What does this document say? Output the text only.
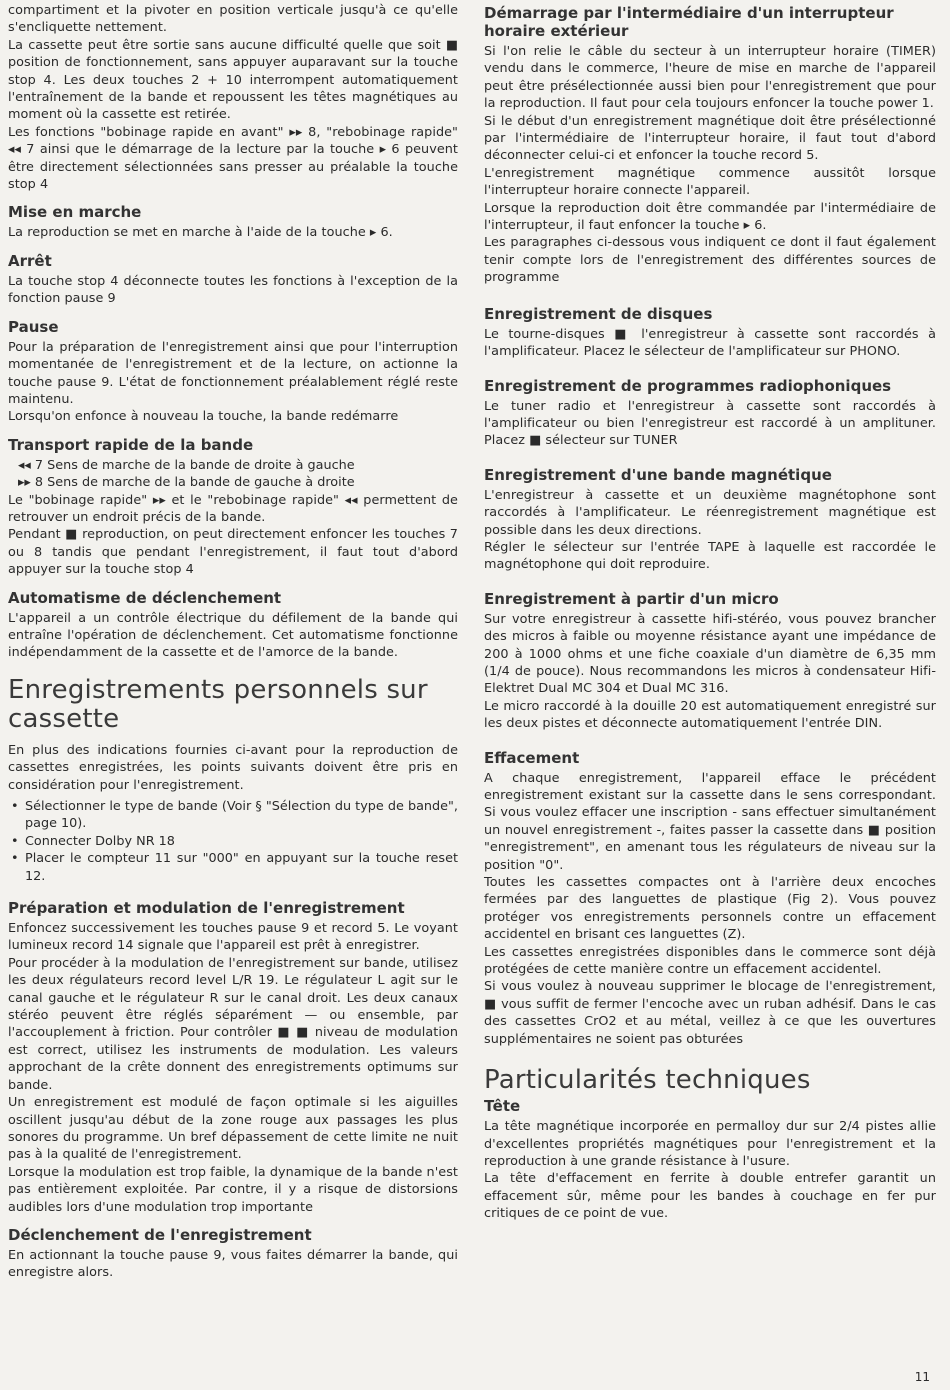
compartiment et la pivoter en position verticale jusqu'à ce qu'elle s'encliquette nettement.

La cassette peut être sortie sans aucune difficulté quelle que soit ■ position de fonctionnement, sans appuyer auparavant sur la touche stop 4. Les deux touches 2 + 10 interrompent automatiquement l'entraînement de la bande et repoussent les têtes magnétiques au moment où la cassette est retirée.

Les fonctions "bobinage rapide en avant" ▸▸ 8, "rebobinage rapide" ◂◂ 7 ainsi que le démarrage de la lecture par la touche ▸ 6 peuvent être directement sélectionnées sans presser au préalable la touche stop 4

Mise en marche

La reproduction se met en marche à l'aide de la touche ▸ 6.

Arrêt

La touche stop 4 déconnecte toutes les fonctions à l'exception de la fonction pause 9

Pause

Pour la préparation de l'enregistrement ainsi que pour l'interruption momentanée de l'enregistrement et de la lecture, on actionne la touche pause 9. L'état de fonctionnement préalablement réglé reste maintenu.

Lorsqu'on enfonce à nouveau la touche, la bande redémarre

Transport rapide de la bande
◂◂ 7 Sens de marche de la bande de droite à gauche
▸▸ 8 Sens de marche de la bande de gauche à droite

Le "bobinage rapide" ▸▸ et le "rebobinage rapide" ◂◂ permettent de retrouver un endroit précis de la bande.

Pendant ■ reproduction, on peut directement enfoncer les touches 7 ou 8 tandis que pendant l'enregistrement, il faut tout d'abord appuyer sur la touche stop 4

Automatisme de déclenchement

L'appareil a un contrôle électrique du défilement de la bande qui entraîne l'opération de déclenchement. Cet automatisme fonctionne indépendamment de la cassette et de l'amorce de la bande.

Enregistrements personnels sur cassette

En plus des indications fournies ci-avant pour la reproduction de cassettes enregistrées, les points suivants doivent être pris en considération pour l'enregistrement.

• Sélectionner le type de bande (Voir § "Sélection du type de bande", page 10).
• Connecter Dolby NR 18
• Placer le compteur 11 sur "000" en appuyant sur la touche reset 12.
Préparation et modulation de l'enregistrement

Enfoncez successivement les touches pause 9 et record 5. Le voyant lumineux record 14 signale que l'appareil est prêt à enregistrer.

Pour procéder à la modulation de l'enregistrement sur bande, utilisez les deux régulateurs record level L/R 19. Le régulateur L agit sur le canal gauche et le régulateur R sur le canal droit. Les deux canaux stéréo peuvent être réglés séparément — ou ensemble, par l'accouplement à friction. Pour contrôler ■ ■ niveau de modulation est correct, utilisez les instruments de modulation. Les valeurs approchant de la crête donnent des enregistrements optimums sur bande.

Un enregistrement est modulé de façon optimale si les aiguilles oscillent jusqu'au début de la zone rouge aux passages les plus sonores du programme. Un bref dépassement de cette limite ne nuit pas à la qualité de l'enregistrement.

Lorsque la modulation est trop faible, la dynamique de la bande n'est pas entièrement exploitée. Par contre, il y a risque de distorsions audibles lors d'une modulation trop importante

Déclenchement de l'enregistrement

En actionnant la touche pause 9, vous faites démarrer la bande, qui enregistre alors.

Démarrage par l'intermédiaire d'un interrupteur horaire extérieur

Si l'on relie le câble du secteur à un interrupteur horaire (TIMER) vendu dans le commerce, l'heure de mise en marche de l'appareil peut être présélectionnée aussi bien pour l'enregistrement que pour la reproduction. Il faut pour cela toujours enfoncer la touche power 1.

Si le début d'un enregistrement magnétique doit être présélectionné par l'intermédiaire de l'interrupteur horaire, il faut tout d'abord déconnecter celui-ci et enfoncer la touche record 5.

L'enregistrement magnétique commence aussitôt lorsque l'interrupteur horaire connecte l'appareil.

Lorsque la reproduction doit être commandée par l'intermédiaire de l'interrupteur, il faut enfoncer la touche ▸ 6.

Les paragraphes ci-dessous vous indiquent ce dont il faut également tenir compte lors de l'enregistrement des différentes sources de programme

Enregistrement de disques

Le tourne-disques ■ l'enregistreur à cassette sont raccordés à l'amplificateur. Placez le sélecteur de l'amplificateur sur PHONO.

Enregistrement de programmes radiophoniques

Le tuner radio et l'enregistreur à cassette sont raccordés à l'amplificateur ou bien l'enregistreur est raccordé à un amplituner. Placez ■ sélecteur sur TUNER

Enregistrement d'une bande magnétique

L'enregistreur à cassette et un deuxième magnétophone sont raccordés à l'amplificateur. Le réenregistrement magnétique est possible dans les deux directions.

Régler le sélecteur sur l'entrée TAPE à laquelle est raccordée le magnétophone qui doit reproduire.

Enregistrement à partir d'un micro

Sur votre enregistreur à cassette hifi-stéréo, vous pouvez brancher des micros à faible ou moyenne résistance ayant une impédance de 200 à 1000 ohms et une fiche coaxiale d'un diamètre de 6,35 mm (1/4 de pouce). Nous recommandons les micros à condensateur Hifi-Elektret Dual MC 304 et Dual MC 316.

Le micro raccordé à la douille 20 est automatiquement enregistré sur les deux pistes et déconnecte automatiquement l'entrée DIN.

Effacement

A chaque enregistrement, l'appareil efface le précédent enregistrement existant sur la cassette dans le sens correspondant. Si vous voulez effacer une inscription - sans effectuer simultanément un nouvel enregistrement -, faites passer la cassette dans ■ position "enregistrement", en amenant tous les régulateurs de niveau sur la position "0".

Toutes les cassettes compactes ont à l'arrière deux encoches fermées par des languettes de plastique (Fig 2). Vous pouvez protéger vos enregistrements personnels contre un effacement accidentel en brisant ces languettes (Z).

Les cassettes enregistrées disponibles dans le commerce sont déjà protégées de cette manière contre un effacement accidentel.

Si vous voulez à nouveau supprimer le blocage de l'enregistrement, ■ vous suffit de fermer l'encoche avec un ruban adhésif. Dans le cas des cassettes CrO2 et au métal, veillez à ce que les ouvertures supplémentaires ne soient pas obturées

Particularités techniques
Tête

La tête magnétique incorporée en permalloy dur sur 2/4 pistes allie d'excellentes propriétés magnétiques pour l'enregistrement et la reproduction à une grande résistance à l'usure.

La tête d'effacement en ferrite à double entrefer garantit un effacement sûr, même pour les bandes à couchage en fer pur critiques de ce point de vue.

11
